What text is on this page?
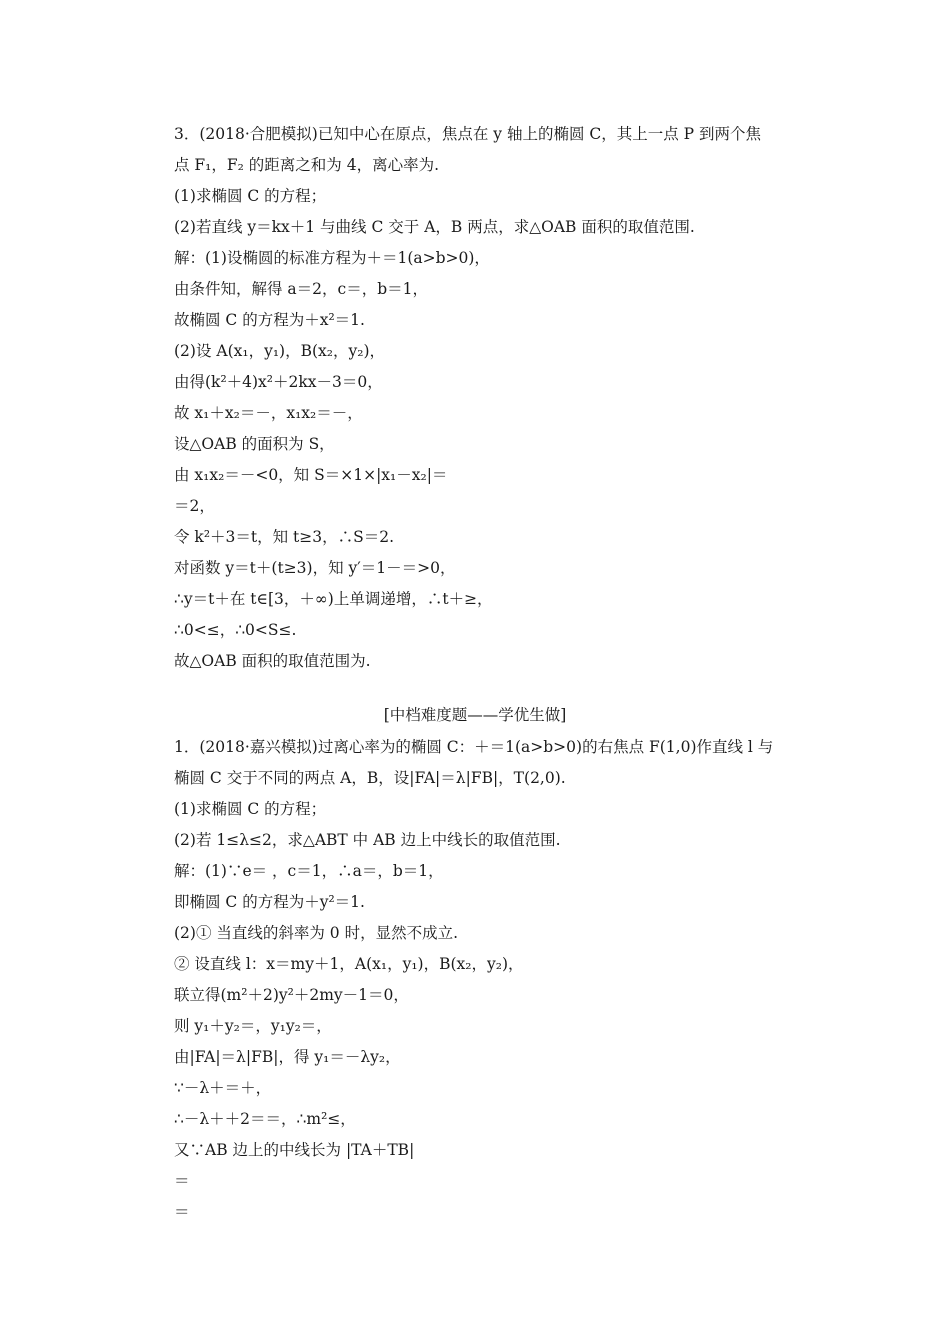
3．(2018·合肥模拟)已知中心在原点，焦点在 y 轴上的椭圆 C，其上一点 P 到两个焦
点 F₁，F₂ 的距离之和为 4，离心率为.
(1)求椭圆 C 的方程；
(2)若直线 y＝kx＋1 与曲线 C 交于 A，B 两点，求△OAB 面积的取值范围.
解：(1)设椭圆的标准方程为＋＝1(a>b>0)，
由条件知，解得 a＝2，c＝，b＝1，
故椭圆 C 的方程为＋x²＝1.
(2)设 A(x₁，y₁)，B(x₂，y₂)，
由得(k²＋4)x²＋2kx－3＝0，
故 x₁＋x₂＝－，x₁x₂＝－，
设△OAB 的面积为 S，
由 x₁x₂＝－<0，知 S＝×1×|x₁－x₂|＝
＝2，
令 k²＋3＝t，知 t≥3，∴S＝2.
对函数 y＝t＋(t≥3)，知 y′＝1－＝>0，
∴y＝t＋在 t∈[3，＋∞)上单调递增，∴t＋≥，
∴0<≤，∴0<S≤.
故△OAB 面积的取值范围为.
[中档难度题——学优生做]
1．(2018·嘉兴模拟)过离心率为的椭圆 C：＋＝1(a>b>0)的右焦点 F(1,0)作直线 l 与
椭圆 C 交于不同的两点 A，B，设|FA|＝λ|FB|，T(2,0).
(1)求椭圆 C 的方程；
(2)若 1≤λ≤2，求△ABT 中 AB 边上中线长的取值范围.
解：(1)∵e＝ ，c＝1，∴a＝，b＝1，
即椭圆 C 的方程为＋y²＝1.
(2)① 当直线的斜率为 0 时，显然不成立.
② 设直线 l：x＝my＋1，A(x₁，y₁)，B(x₂，y₂)，
联立得(m²＋2)y²＋2my－1＝0，
则 y₁＋y₂＝，y₁y₂＝，
由|FA|＝λ|FB|，得 y₁＝－λy₂，
∵－λ＋＝＋，
∴－λ＋＋2＝＝，∴m²≤，
又∵AB 边上的中线长为 |TA＋TB|
＝
＝
